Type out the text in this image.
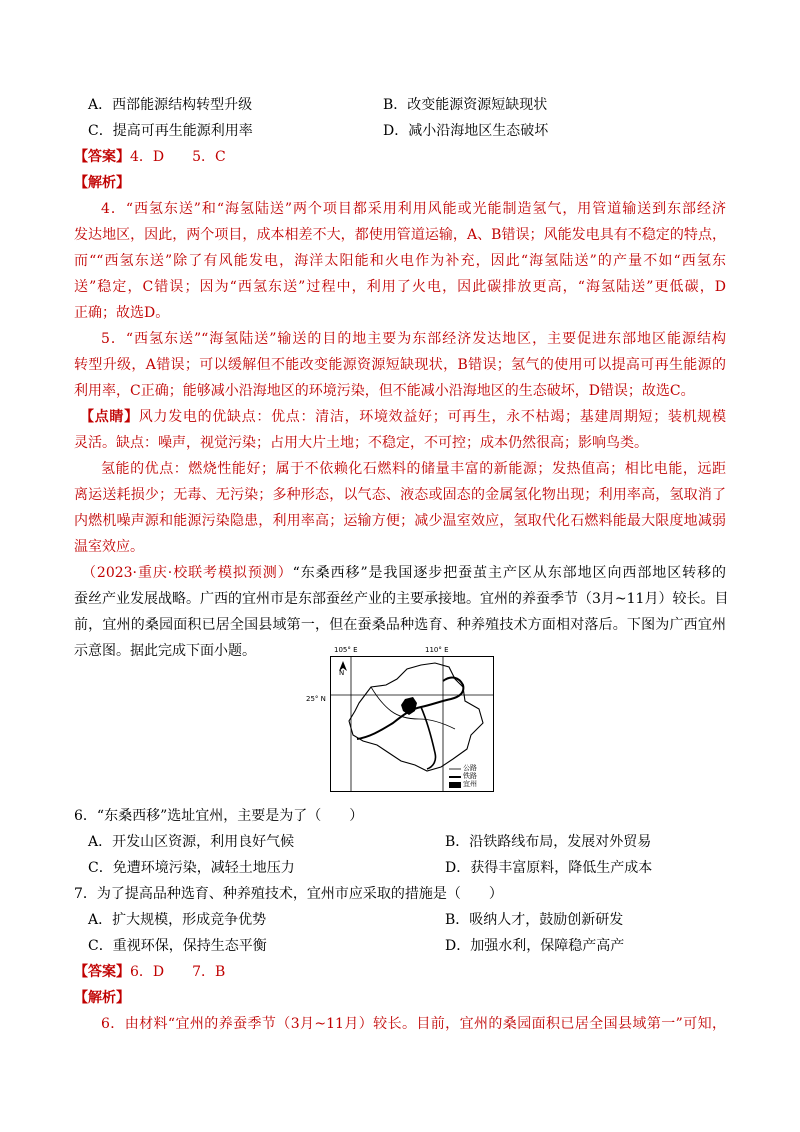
A．西部能源结构转型升级	B．改变能源资源短缺现状
C．提高可再生能源利用率	D．减小沿海地区生态破坏
【答案】4．D　　5．C
【解析】
4．“西氢东送”和“海氢陆送”两个项目都采用利用风能或光能制造氢气，用管道输送到东部经济
发达地区，因此，两个项目，成本相差不大，都使用管道运输，A、B错误；风能发电具有不稳定的特点，
而““西氢东送”除了有风能发电，海洋太阳能和火电作为补充，因此“海氢陆送”的产量不如“西氢东
送”稳定，C错误；因为“西氢东送”过程中，利用了火电，因此碳排放更高，“海氢陆送”更低碳，D
正确；故选D。
5．“西氢东送”“海氢陆送”输送的目的地主要为东部经济发达地区，主要促进东部地区能源结构
转型升级，A错误；可以缓解但不能改变能源资源短缺现状，B错误；氢气的使用可以提高可再生能源的
利用率，C正确；能够减小沿海地区的环境污染，但不能减小沿海地区的生态破坏，D错误；故选C。
【点睛】风力发电的优缺点：优点：清洁，环境效益好；可再生，永不枯竭；基建周期短；装机规模
灵活。缺点：噪声，视觉污染；占用大片土地；不稳定，不可控；成本仍然很高；影响鸟类。
氢能的优点：燃烧性能好；属于不依赖化石燃料的储量丰富的新能源；发热值高；相比电能，远距
离运送耗损少；无毒、无污染；多种形态，以气态、液态或固态的金属氢化物出现；利用率高，氢取消了
内燃机噪声源和能源污染隐患，利用率高；运输方便；减少温室效应，氢取代化石燃料能最大限度地减弱
温室效应。
（2023·重庆·校联考模拟预测）“东桑西移”是我国逐步把蚕茧主产区从东部地区向西部地区转移的
蚕丝产业发展战略。广西的宜州市是东部蚕丝产业的主要承接地。宜州的养蚕季节（3月~11月）较长。目
前，宜州的桑园面积已居全国县域第一，但在蚕桑品种选育、种养殖技术方面相对落后。下图为广西宜州
示意图。据此完成下面小题。	105° E	110° E
25° N
N
公路
铁路
宜州
6．“东桑西移”选址宜州，主要是为了（　　）
A．开发山区资源，利用良好气候	B．沿铁路线布局，发展对外贸易
C．免遭环境污染，减轻土地压力	D．获得丰富原料，降低生产成本
7．为了提高品种选育、种养殖技术，宜州市应采取的措施是（　　）
A．扩大规模，形成竞争优势	B．吸纳人才，鼓励创新研发
C．重视环保，保持生态平衡	D．加强水利，保障稳产高产
【答案】6．D　　7．B
【解析】
6．由材料“宜州的养蚕季节（3月~11月）较长。目前，宜州的桑园面积已居全国县域第一”可知，
